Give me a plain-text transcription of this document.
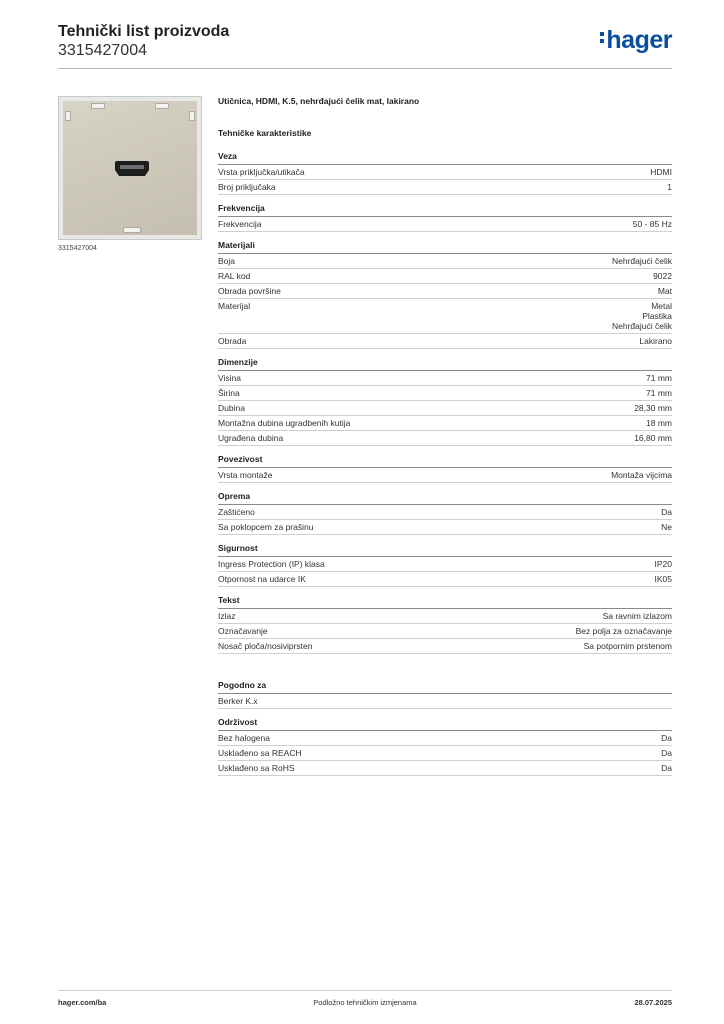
Tehnički list proizvoda
3315427004	hager
3315427004
Utičnica, HDMI, K.5, nehrđajući čelik mat, lakirano
Tehničke karakteristike
Veza
Vrsta priključka/utikača	HDMI
Broj priključaka	1
Frekvencija
Frekvencija	50 - 85 Hz
Materijali
Boja	Nehrđajući čelik
RAL kod	9022
Obrada površine	Mat
Materijal	Metal
Plastika
Nehrđajući čelik
Obrada	Lakirano
Dimenzije
Visina	71 mm
Širina	71 mm
Dubina	28,30 mm
Montažna dubina ugradbenih kutija	18 mm
Ugrađena dubina	16,80 mm
Povezivost
Vrsta montaže	Montaža vijcima
Oprema
Zaštićeno	Da
Sa poklopcem za prašinu	Ne
Sigurnost
Ingress Protection (IP) klasa	IP20
Otpornost na udarce IK	IK05
Tekst
Izlaz	Sa ravnim izlazom
Označavanje	Bez polja za označavanje
Nosač ploča/nosiviprsten	Sa potpornim prstenom
Pogodno za
Berker K.x
Održivost
Bez halogena	Da
Usklađeno sa REACH	Da
Usklađeno sa RoHS	Da
hager.com/ba	Podložno tehničkim izmjenama	28.07.2025
